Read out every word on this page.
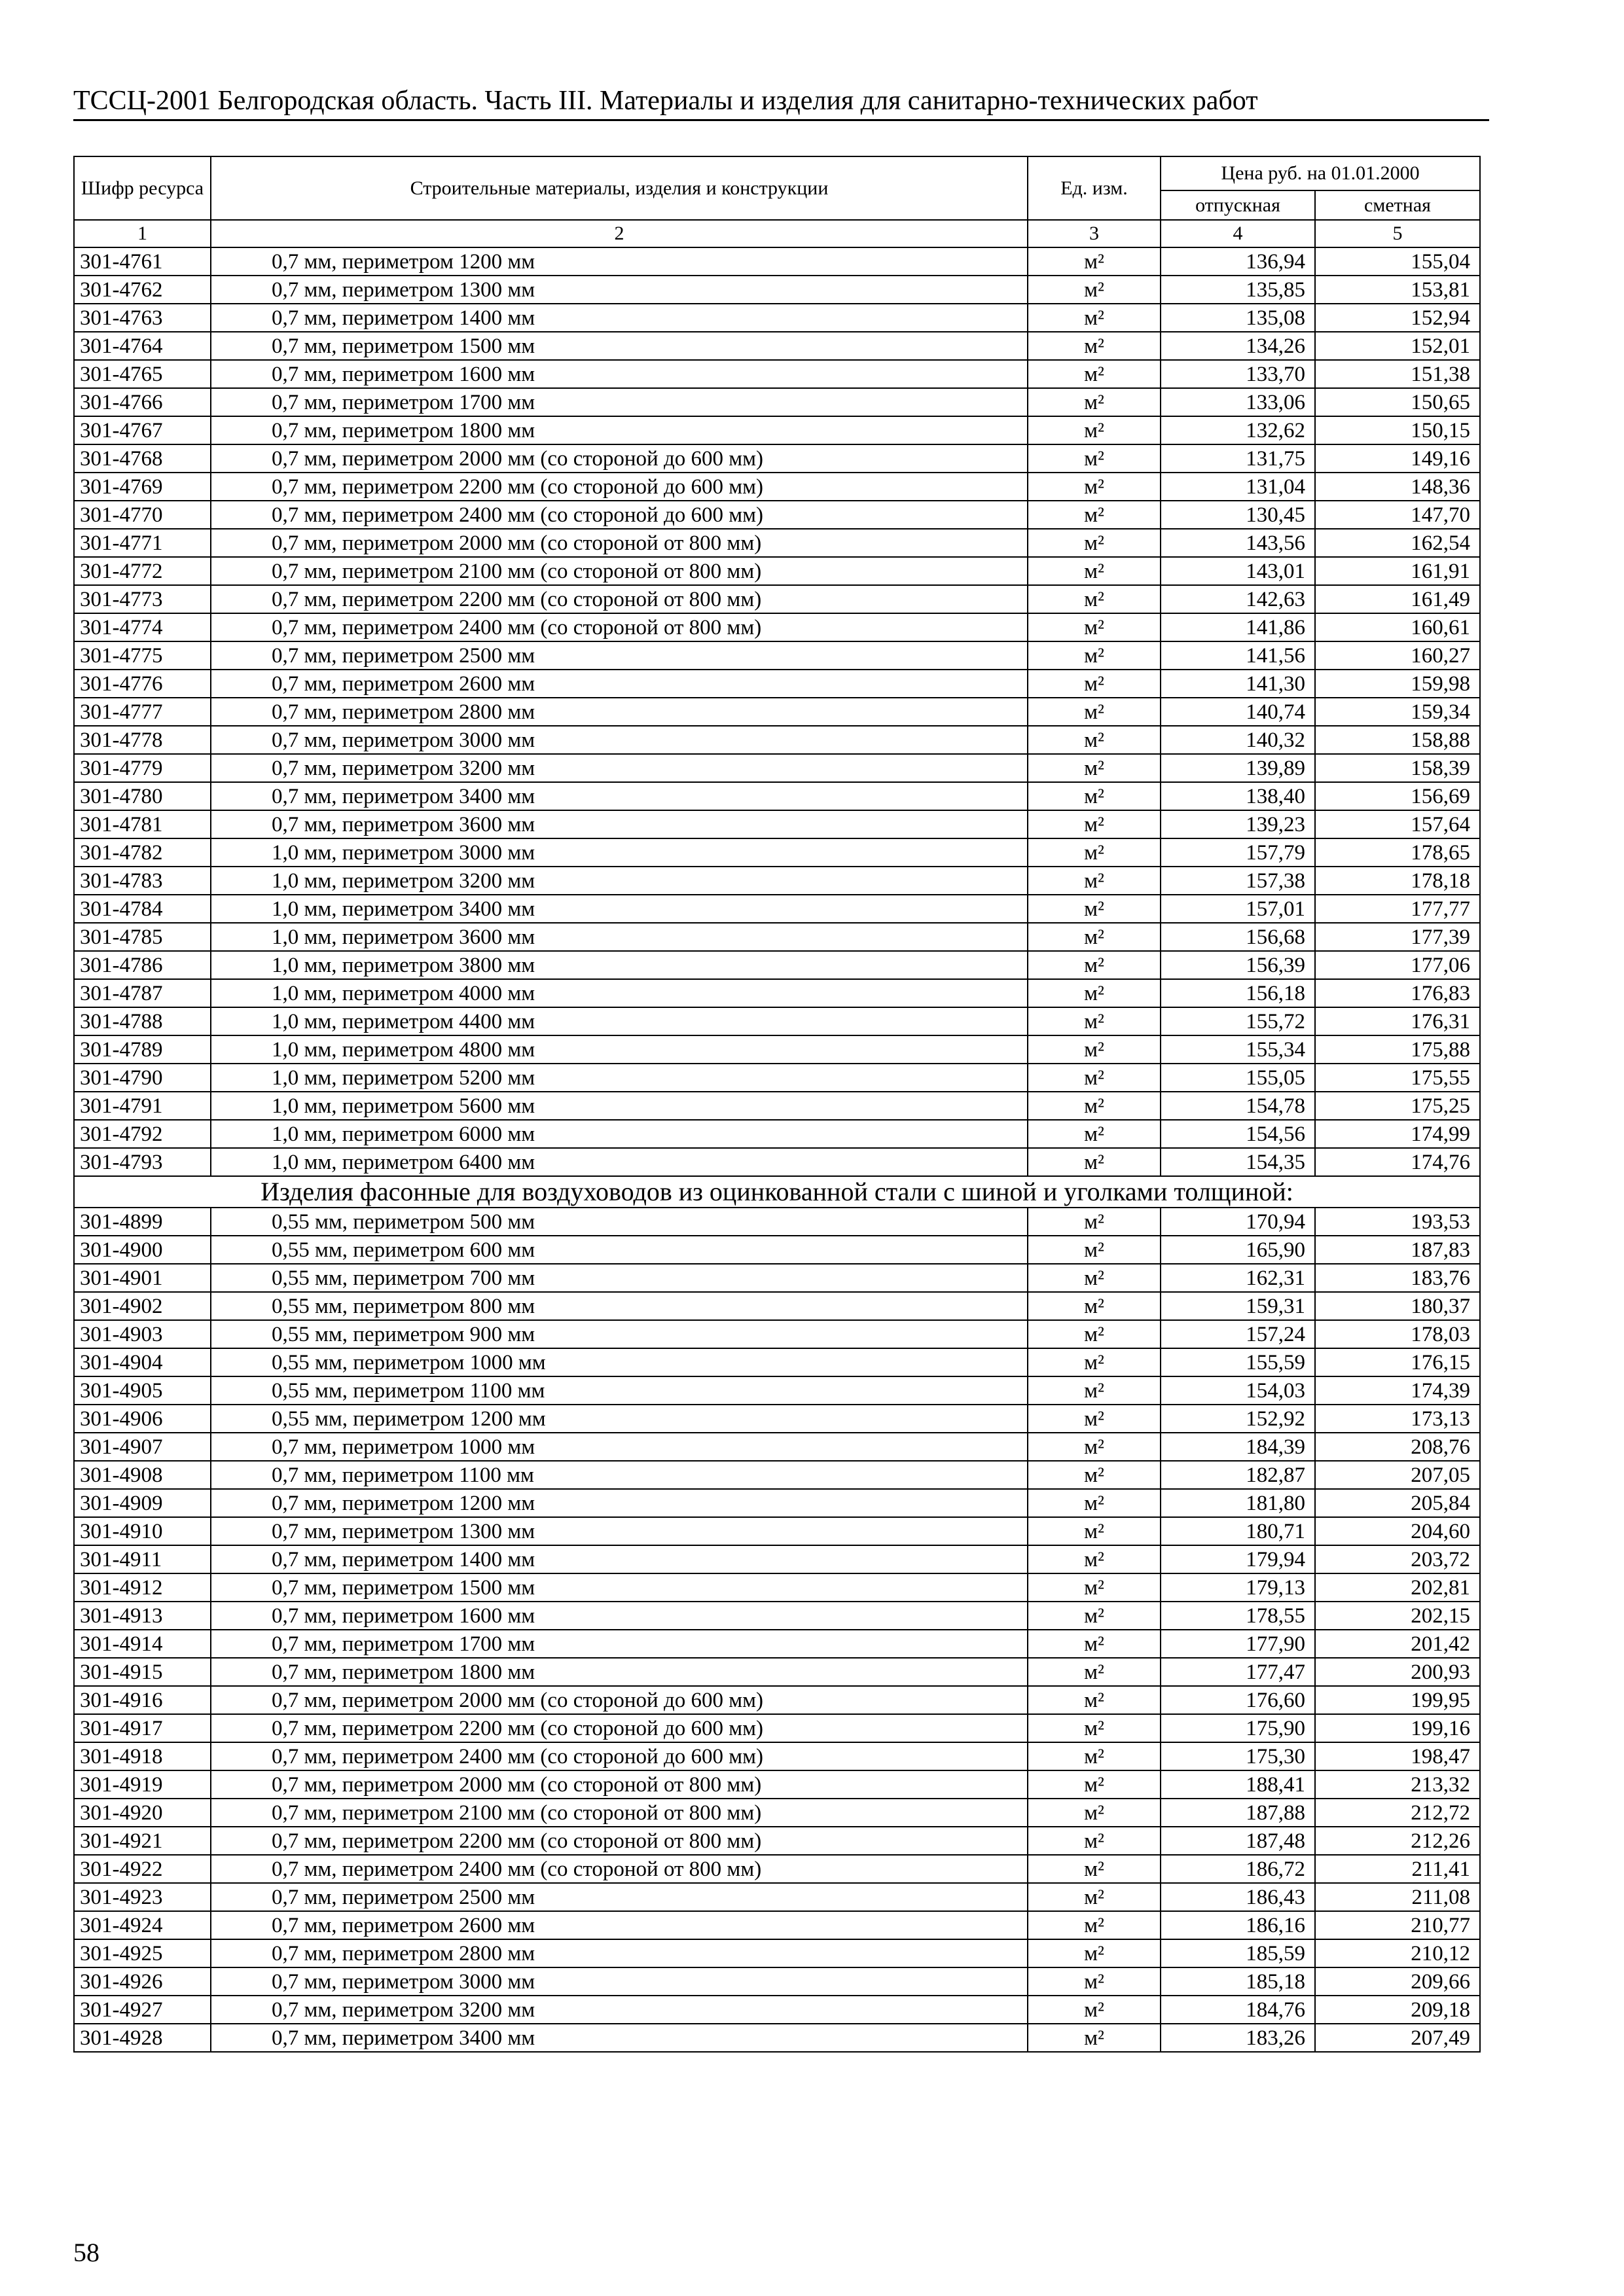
ТССЦ-2001 Белгородская область. Часть III. Материалы и изделия для санитарно-технических работ
Шифр ресурса	Строительные материалы, изделия и конструкции	Ед. изм.	Цена руб. на 01.01.2000	
			отпускная	сметная
1	2	3	4	5
301-4761	0,7 мм, периметром 1200 мм	м²	136,94	155,04
301-4762	0,7 мм, периметром 1300 мм	м²	135,85	153,81
301-4763	0,7 мм, периметром 1400 мм	м²	135,08	152,94
301-4764	0,7 мм, периметром 1500 мм	м²	134,26	152,01
301-4765	0,7 мм, периметром 1600 мм	м²	133,70	151,38
301-4766	0,7 мм, периметром 1700 мм	м²	133,06	150,65
301-4767	0,7 мм, периметром 1800 мм	м²	132,62	150,15
301-4768	0,7 мм, периметром 2000 мм (со стороной до 600 мм)	м²	131,75	149,16
301-4769	0,7 мм, периметром 2200 мм (со стороной до 600 мм)	м²	131,04	148,36
301-4770	0,7 мм, периметром 2400 мм (со стороной до 600 мм)	м²	130,45	147,70
301-4771	0,7 мм, периметром 2000 мм (со стороной от 800 мм)	м²	143,56	162,54
301-4772	0,7 мм, периметром 2100 мм (со стороной от 800 мм)	м²	143,01	161,91
301-4773	0,7 мм, периметром 2200 мм (со стороной от 800 мм)	м²	142,63	161,49
301-4774	0,7 мм, периметром 2400 мм (со стороной от 800 мм)	м²	141,86	160,61
301-4775	0,7 мм, периметром 2500 мм	м²	141,56	160,27
301-4776	0,7 мм, периметром 2600 мм	м²	141,30	159,98
301-4777	0,7 мм, периметром 2800 мм	м²	140,74	159,34
301-4778	0,7 мм, периметром 3000 мм	м²	140,32	158,88
301-4779	0,7 мм, периметром 3200 мм	м²	139,89	158,39
301-4780	0,7 мм, периметром 3400 мм	м²	138,40	156,69
301-4781	0,7 мм, периметром 3600 мм	м²	139,23	157,64
301-4782	1,0 мм, периметром 3000 мм	м²	157,79	178,65
301-4783	1,0 мм, периметром 3200 мм	м²	157,38	178,18
301-4784	1,0 мм, периметром 3400 мм	м²	157,01	177,77
301-4785	1,0 мм, периметром 3600 мм	м²	156,68	177,39
301-4786	1,0 мм, периметром 3800 мм	м²	156,39	177,06
301-4787	1,0 мм, периметром 4000 мм	м²	156,18	176,83
301-4788	1,0 мм, периметром 4400 мм	м²	155,72	176,31
301-4789	1,0 мм, периметром 4800 мм	м²	155,34	175,88
301-4790	1,0 мм, периметром 5200 мм	м²	155,05	175,55
301-4791	1,0 мм, периметром 5600 мм	м²	154,78	175,25
301-4792	1,0 мм, периметром 6000 мм	м²	154,56	174,99
301-4793	1,0 мм, периметром 6400 мм	м²	154,35	174,76
Изделия фасонные для воздуховодов из оцинкованной стали с шиной и уголками толщиной:				
301-4899	0,55 мм, периметром 500 мм	м²	170,94	193,53
301-4900	0,55 мм, периметром 600 мм	м²	165,90	187,83
301-4901	0,55 мм, периметром 700 мм	м²	162,31	183,76
301-4902	0,55 мм, периметром 800 мм	м²	159,31	180,37
301-4903	0,55 мм, периметром 900 мм	м²	157,24	178,03
301-4904	0,55 мм, периметром 1000 мм	м²	155,59	176,15
301-4905	0,55 мм, периметром 1100 мм	м²	154,03	174,39
301-4906	0,55 мм, периметром 1200 мм	м²	152,92	173,13
301-4907	0,7 мм, периметром 1000 мм	м²	184,39	208,76
301-4908	0,7 мм, периметром 1100 мм	м²	182,87	207,05
301-4909	0,7 мм, периметром 1200 мм	м²	181,80	205,84
301-4910	0,7 мм, периметром 1300 мм	м²	180,71	204,60
301-4911	0,7 мм, периметром 1400 мм	м²	179,94	203,72
301-4912	0,7 мм, периметром 1500 мм	м²	179,13	202,81
301-4913	0,7 мм, периметром 1600 мм	м²	178,55	202,15
301-4914	0,7 мм, периметром 1700 мм	м²	177,90	201,42
301-4915	0,7 мм, периметром 1800 мм	м²	177,47	200,93
301-4916	0,7 мм, периметром 2000 мм (со стороной до 600 мм)	м²	176,60	199,95
301-4917	0,7 мм, периметром 2200 мм (со стороной до 600 мм)	м²	175,90	199,16
301-4918	0,7 мм, периметром 2400 мм (со стороной до 600 мм)	м²	175,30	198,47
301-4919	0,7 мм, периметром 2000 мм (со стороной от 800 мм)	м²	188,41	213,32
301-4920	0,7 мм, периметром 2100 мм (со стороной от 800 мм)	м²	187,88	212,72
301-4921	0,7 мм, периметром 2200 мм (со стороной от 800 мм)	м²	187,48	212,26
301-4922	0,7 мм, периметром 2400 мм (со стороной от 800 мм)	м²	186,72	211,41
301-4923	0,7 мм, периметром 2500 мм	м²	186,43	211,08
301-4924	0,7 мм, периметром 2600 мм	м²	186,16	210,77
301-4925	0,7 мм, периметром 2800 мм	м²	185,59	210,12
301-4926	0,7 мм, периметром 3000 мм	м²	185,18	209,66
301-4927	0,7 мм, периметром 3200 мм	м²	184,76	209,18
301-4928	0,7 мм, периметром 3400 мм	м²	183,26	207,49
58
